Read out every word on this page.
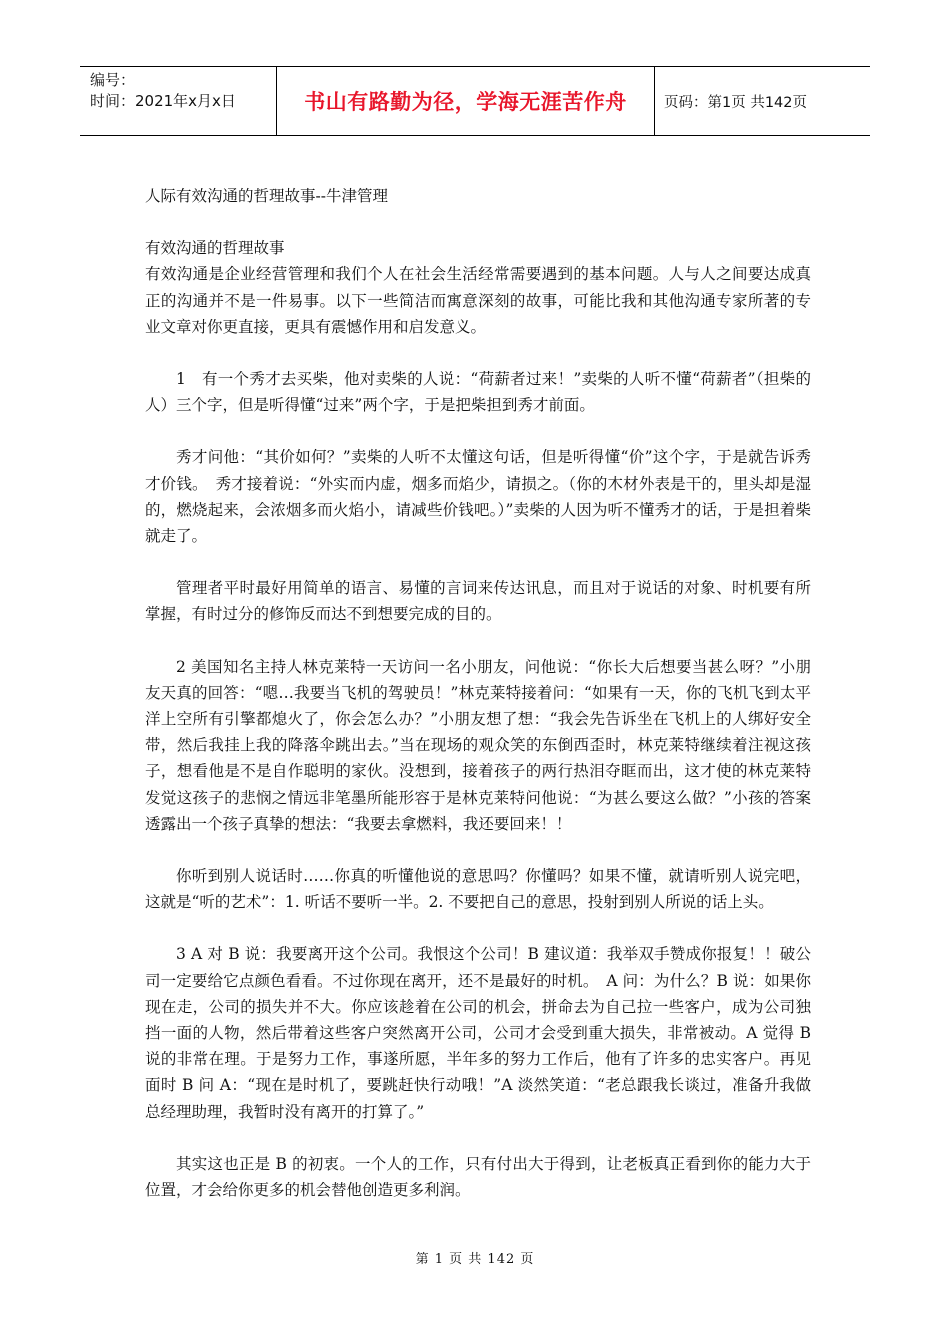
编号：
时间：2021年x月x日	书山有路勤为径，学海无涯苦作舟	页码：第1页 共142页

人际有效沟通的哲理故事--牛津管理

有效沟通的哲理故事

有效沟通是企业经营管理和我们个人在社会生活经常需要遇到的基本问题。人与人之间要达成真正的沟通并不是一件易事。以下一些简洁而寓意深刻的故事，可能比我和其他沟通专家所著的专业文章对你更直接，更具有震憾作用和启发意义。

1　有一个秀才去买柴，他对卖柴的人说：“荷薪者过来！”卖柴的人听不懂“荷薪者”（担柴的人）三个字，但是听得懂“过来”两个字，于是把柴担到秀才前面。

秀才问他：“其价如何？”卖柴的人听不太懂这句话，但是听得懂“价”这个字，于是就告诉秀才价钱。　秀才接着说：“外实而内虚，烟多而焰少，请损之。（你的木材外表是干的，里头却是湿的，燃烧起来，会浓烟多而火焰小，请减些价钱吧。）”卖柴的人因为听不懂秀才的话，于是担着柴就走了。

管理者平时最好用简单的语言、易懂的言词来传达讯息，而且对于说话的对象、时机要有所掌握，有时过分的修饰反而达不到想要完成的目的。

2 美国知名主持人林克莱特一天访问一名小朋友，问他说：“你长大后想要当甚么呀？”小朋友天真的回答：“嗯…我要当飞机的驾驶员！”林克莱特接着问：“如果有一天，你的飞机飞到太平洋上空所有引擎都熄火了，你会怎么办？”小朋友想了想：“我会先告诉坐在飞机上的人绑好安全带，然后我挂上我的降落伞跳出去。”当在现场的观众笑的东倒西歪时，林克莱特继续着注视这孩子，想看他是不是自作聪明的家伙。没想到，接着孩子的两行热泪夺眶而出，这才使的林克莱特发觉这孩子的悲悯之情远非笔墨所能形容于是林克莱特问他说：“为甚么要这么做？”小孩的答案透露出一个孩子真挚的想法：“我要去拿燃料，我还要回来！！

你听到别人说话时……你真的听懂他说的意思吗？你懂吗？如果不懂，就请听别人说完吧，这就是“听的艺术”：1. 听话不要听一半。2. 不要把自己的意思，投射到别人所说的话上头。

3 A 对 B 说：我要离开这个公司。我恨这个公司！B 建议道：我举双手赞成你报复！！破公司一定要给它点颜色看看。不过你现在离开，还不是最好的时机。　A 问：为什么？B 说：如果你现在走，公司的损失并不大。你应该趁着在公司的机会，拼命去为自己拉一些客户，成为公司独挡一面的人物，然后带着这些客户突然离开公司，公司才会受到重大损失，非常被动。A 觉得 B 说的非常在理。于是努力工作，事遂所愿，半年多的努力工作后，他有了许多的忠实客户。再见面时 B 问 A：“现在是时机了，要跳赶快行动哦！”A 淡然笑道：“老总跟我长谈过，准备升我做总经理助理，我暂时没有离开的打算了。”

其实这也正是 B 的初衷。一个人的工作，只有付出大于得到，让老板真正看到你的能力大于位置，才会给你更多的机会替他创造更多利润。

第 1 页 共 142 页
